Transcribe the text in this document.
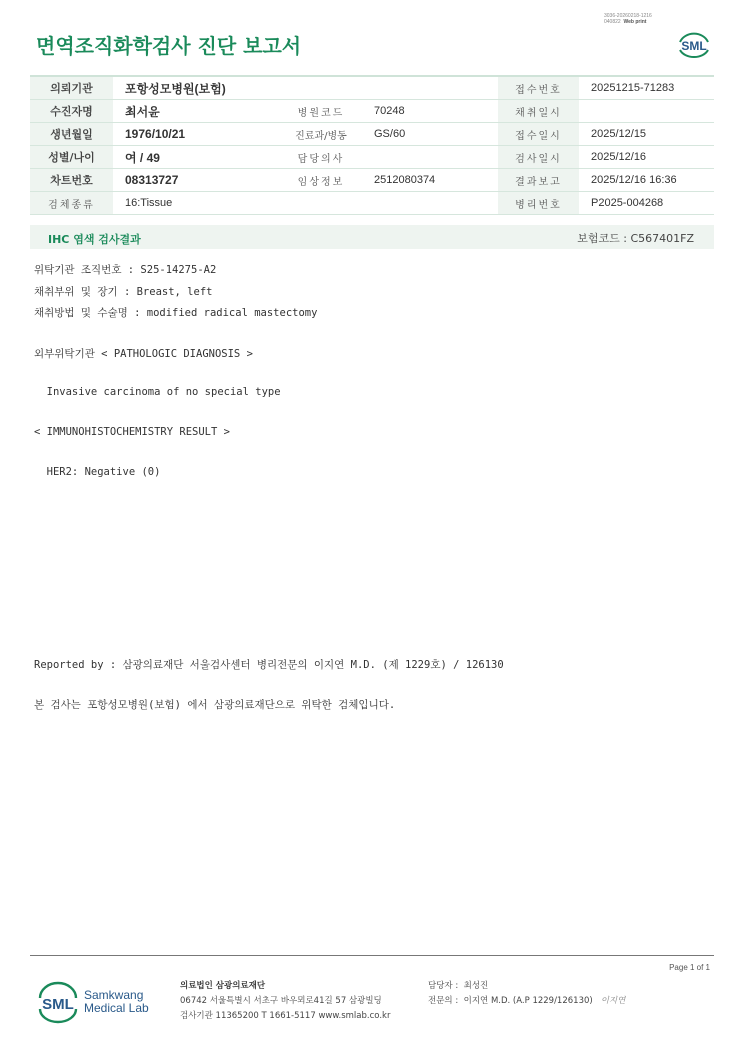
면역조직화학검사 진단 보고서
3036-20260218-1216
040822 Web print
SML
의뢰기관	포항성모병원(보험)			접수번호	20251215-71283
수진자명	최서윤	병원코드	70248	채취일시	
생년월일	1976/10/21	진료과/병동	GS/60	접수일시	2025/12/15
성별/나이	여 / 49	담당의사		검사일시	2025/12/16
차트번호	08313727	임상정보	2512080374	결과보고	2025/12/16 16:36
검체종류	16:Tissue			병리번호	P2025-004268
IHC 염색 검사결과	보험코드 : C567401FZ
위탁기관 조직번호 : S25-14275-A2
채취부위 및 장기 : Breast, left
채취방법 및 수술명 : modified radical mastectomy
외부위탁기관 < PATHOLOGIC DIAGNOSIS >
Invasive carcinoma of no special type
< IMMUNOHISTOCHEMISTRY RESULT >
HER2: Negative (0)
Reported by : 삼광의료재단 서울검사센터 병리전문의 이지연 M.D. (제 1229호) / 126130
본 검사는 포항성모병원(보험) 에서 삼광의료재단으로 위탁한 검체입니다.
Page 1 of 1
SML
Samkwang
Medical Lab
의료법인 삼광의료재단
06742 서울특별시 서초구 바우뫼로41길 57 삼광빌딩
검사기관 11365200 T 1661-5117 www.smlab.co.kr
담당자 : 최성진
전문의 : 이지연 M.D. (A.P 1229/126130) 이지연
